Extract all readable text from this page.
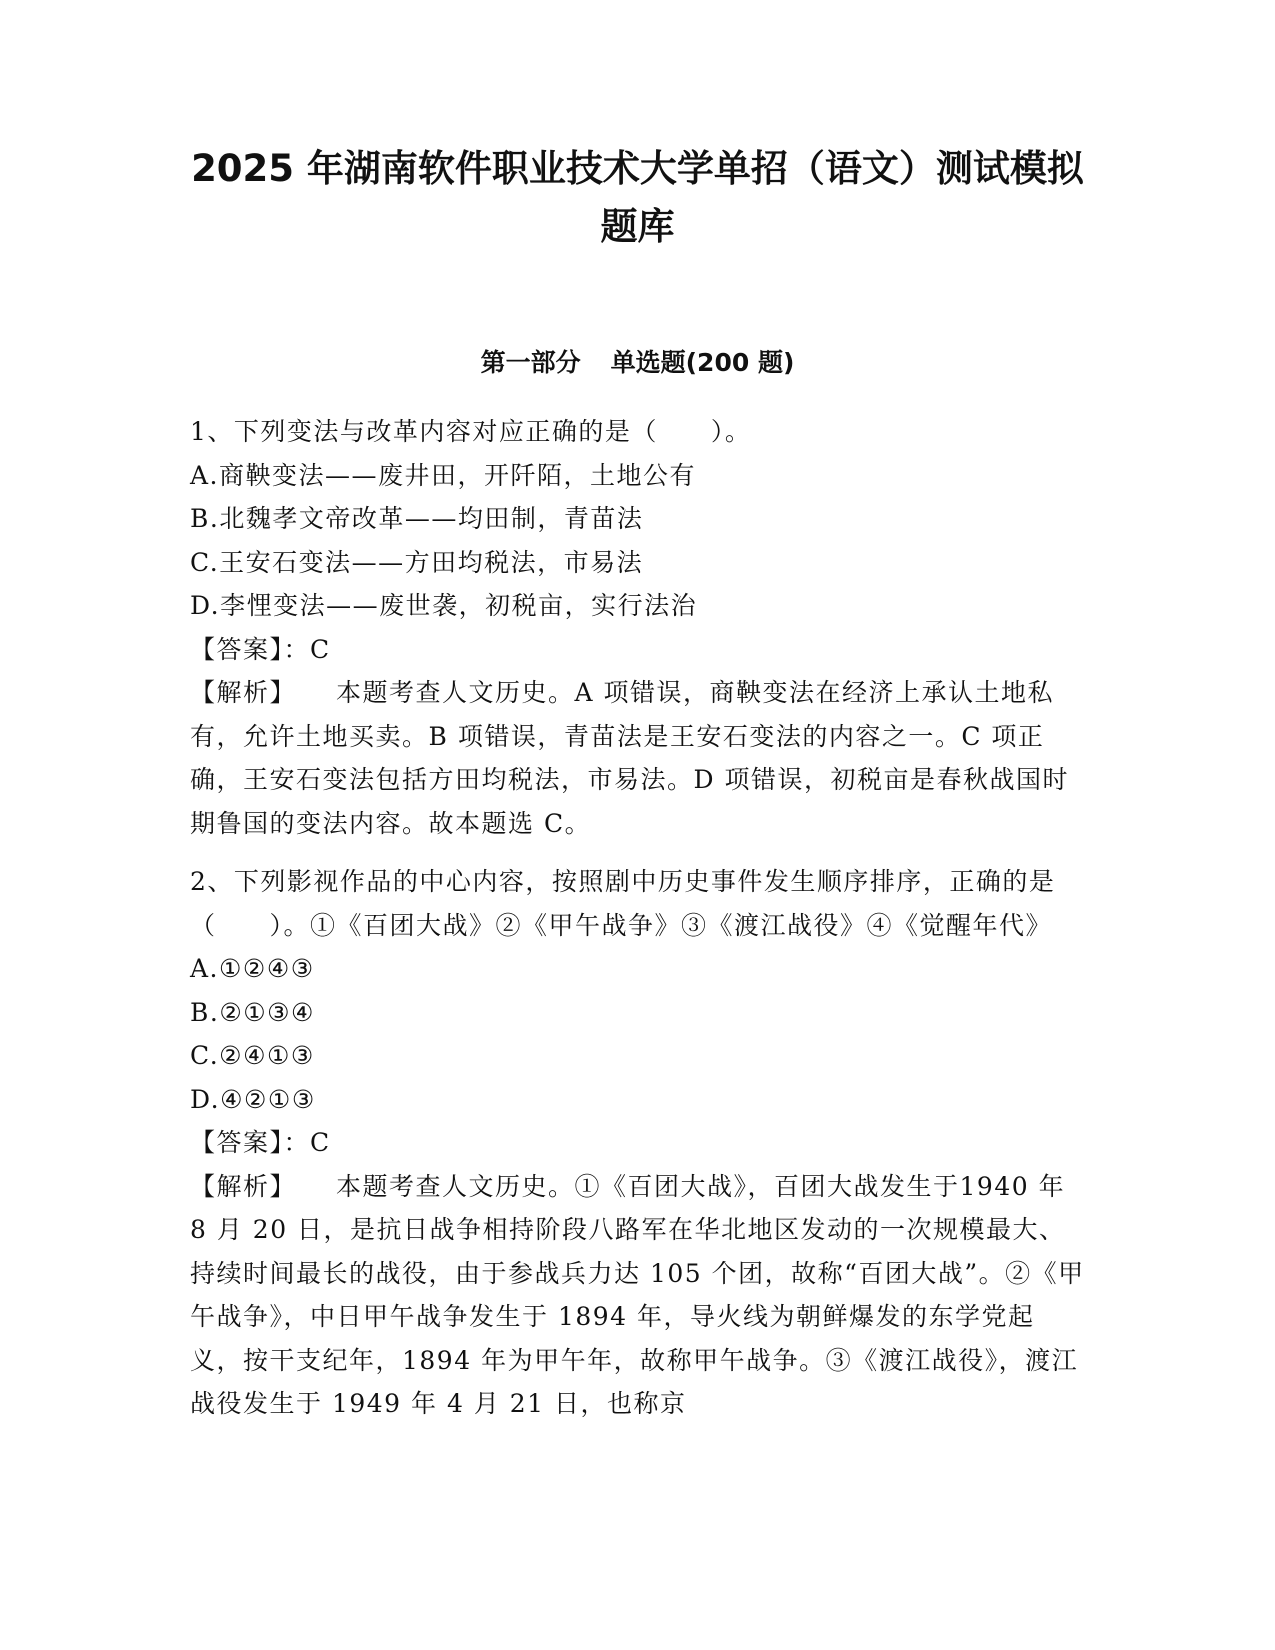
2025 年湖南软件职业技术大学单招（语文）测试模拟
题库
第一部分 单选题(200 题)

1、下列变法与改革内容对应正确的是（　　）。

A.商鞅变法——废井田，开阡陌，土地公有

B.北魏孝文帝改革——均田制，青苗法

C.王安石变法——方田均税法，市易法

D.李悝变法——废世袭，初税亩，实行法治

【答案】：C

【解析】 本题考查人文历史。A 项错误，商鞅变法在经济上承认土地私有，允许土地买卖。B 项错误，青苗法是王安石变法的内容之一。C 项正确，王安石变法包括方田均税法，市易法。D 项错误，初税亩是春秋战国时期鲁国的变法内容。故本题选 C。

2、下列影视作品的中心内容，按照剧中历史事件发生顺序排序，正确的是（　　）。①《百团大战》②《甲午战争》③《渡江战役》④《觉醒年代》

A.①②④③

B.②①③④

C.②④①③

D.④②①③

【答案】：C

【解析】 本题考查人文历史。①《百团大战》，百团大战发生于1940 年 8 月 20 日，是抗日战争相持阶段八路军在华北地区发动的一次规模最大、持续时间最长的战役，由于参战兵力达 105 个团，故称“百团大战”。②《甲午战争》，中日甲午战争发生于 1894 年，导火线为朝鲜爆发的东学党起义，按干支纪年，1894 年为甲午年，故称甲午战争。③《渡江战役》，渡江战役发生于 1949 年 4 月 21 日，也称京
